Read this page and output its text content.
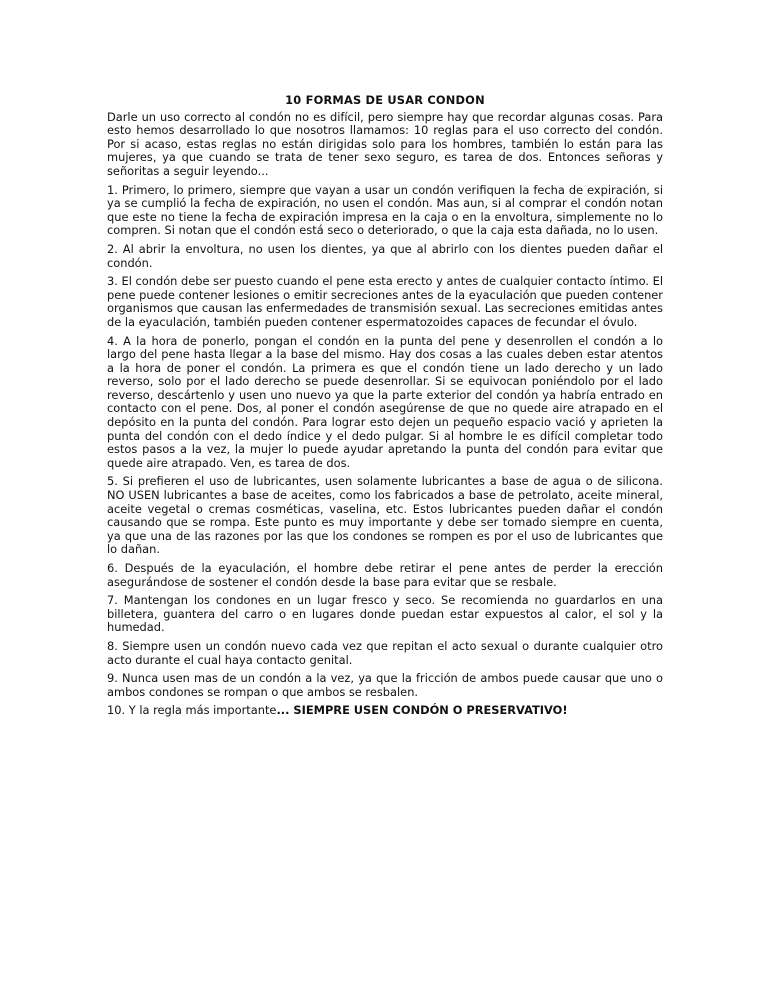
10 FORMAS DE USAR CONDON

Darle un uso correcto al condón no es difícil, pero siempre hay que recordar algunas cosas. Para esto hemos desarrollado lo que nosotros llamamos: 10 reglas para el uso correcto del condón. Por si acaso, estas reglas no están dirigidas solo para los hombres, también lo están para las mujeres, ya que cuando se trata de tener sexo seguro, es tarea de dos. Entonces señoras y señoritas a seguir leyendo...

1. Primero, lo primero, siempre que vayan a usar un condón verifiquen la fecha de expiración, si ya se cumplió la fecha de expiración, no usen el condón. Mas aun, si al comprar el condón notan que este no tiene la fecha de expiración impresa en la caja o en la envoltura, simplemente no lo compren. Si notan que el condón está seco o deteriorado, o que la caja esta dañada, no lo usen.

2. Al abrir la envoltura, no usen los dientes, ya que al abrirlo con los dientes pueden dañar el condón.

3. El condón debe ser puesto cuando el pene esta erecto y antes de cualquier contacto íntimo. El pene puede contener lesiones o emitir secreciones antes de la eyaculación que pueden contener organismos que causan las enfermedades de transmisión sexual. Las secreciones emitidas antes de la eyaculación, también pueden contener espermatozoides capaces de fecundar el óvulo.

4. A la hora de ponerlo, pongan el condón en la punta del pene y desenrollen el condón a lo largo del pene hasta llegar a la base del mismo. Hay dos cosas a las cuales deben estar atentos a la hora de poner el condón. La primera es que el condón tiene un lado derecho y un lado reverso, solo por el lado derecho se puede desenrollar. Si se equivocan poniéndolo por el lado reverso, descártenlo y usen uno nuevo ya que la parte exterior del condón ya habría entrado en contacto con el pene. Dos, al poner el condón asegúrense de que no quede aire atrapado en el depósito en la punta del condón. Para lograr esto dejen un pequeño espacio vació y aprieten la punta del condón con el dedo índice y el dedo pulgar. Si al hombre le es difícil completar todo estos pasos a la vez, la mujer lo puede ayudar apretando la punta del condón para evitar que quede aire atrapado. Ven, es tarea de dos.

5. Si prefieren el uso de lubricantes, usen solamente lubricantes a base de agua o de silicona. NO USEN lubricantes a base de aceites, como los fabricados a base de petrolato, aceite mineral, aceite vegetal o cremas cosméticas, vaselina, etc. Estos lubricantes pueden dañar el condón causando que se rompa. Este punto es muy importante y debe ser tomado siempre en cuenta, ya que una de las razones por las que los condones se rompen es por el uso de lubricantes que lo dañan.

6. Después de la eyaculación, el hombre debe retirar el pene antes de perder la erección asegurándose de sostener el condón desde la base para evitar que se resbale.

7. Mantengan los condones en un lugar fresco y seco. Se recomienda no guardarlos en una billetera, guantera del carro o en lugares donde puedan estar expuestos al calor, el sol y la humedad.

8. Siempre usen un condón nuevo cada vez que repitan el acto sexual o durante cualquier otro acto durante el cual haya contacto genital.

9. Nunca usen mas de un condón a la vez, ya que la fricción de ambos puede causar que uno o ambos condones se rompan o que ambos se resbalen.

10. Y la regla más importante... SIEMPRE USEN CONDÓN O PRESERVATIVO!
